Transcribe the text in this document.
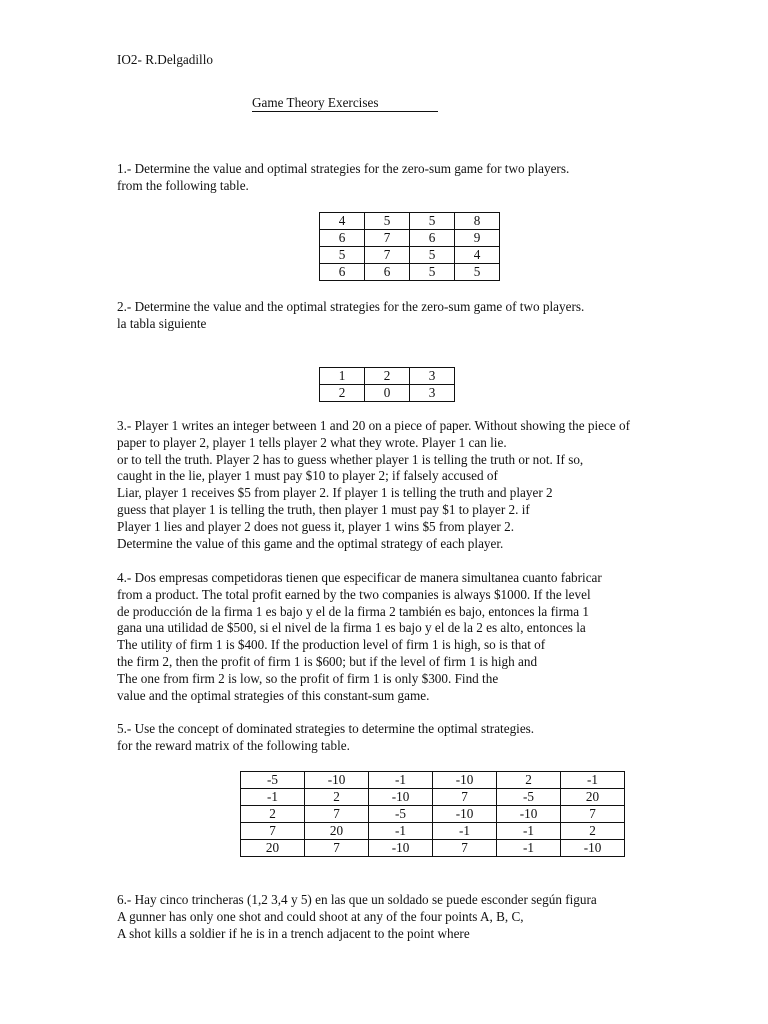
IO2- R.Delgadillo
Game Theory Exercises
1.- Determine the value and optimal strategies for the zero-sum game for two players.
from the following table.
4	5	5	8
6	7	6	9
5	7	5	4
6	6	5	5
2.- Determine the value and the optimal strategies for the zero-sum game of two players.
la tabla siguiente
1	2	3
2	0	3
3.- Player 1 writes an integer between 1 and 20 on a piece of paper. Without showing the piece of
paper to player 2, player 1 tells player 2 what they wrote. Player 1 can lie.
or to tell the truth. Player 2 has to guess whether player 1 is telling the truth or not. If so,
caught in the lie, player 1 must pay $10 to player 2; if falsely accused of
Liar, player 1 receives $5 from player 2. If player 1 is telling the truth and player 2
guess that player 1 is telling the truth, then player 1 must pay $1 to player 2. if
Player 1 lies and player 2 does not guess it, player 1 wins $5 from player 2.
Determine the value of this game and the optimal strategy of each player.
4.- Dos empresas competidoras tienen que especificar de manera simultanea cuanto fabricar
from a product. The total profit earned by the two companies is always $1000. If the level
de producción de la firma 1 es bajo y el de la firma 2 también es bajo, entonces la firma 1
gana una utilidad de $500, si el nivel de la firma 1 es bajo y el de la 2 es alto, entonces la
The utility of firm 1 is $400. If the production level of firm 1 is high, so is that of
the firm 2, then the profit of firm 1 is $600; but if the level of firm 1 is high and
The one from firm 2 is low, so the profit of firm 1 is only $300. Find the
value and the optimal strategies of this constant-sum game.
5.- Use the concept of dominated strategies to determine the optimal strategies.
for the reward matrix of the following table.
-5	-10	-1	-10	2	-1
-1	2	-10	7	-5	20
2	7	-5	-10	-10	7
7	20	-1	-1	-1	2
20	7	-10	7	-1	-10
6.- Hay cinco trincheras (1,2 3,4 y 5) en las que un soldado se puede esconder según figura
A gunner has only one shot and could shoot at any of the four points A, B, C,
A shot kills a soldier if he is in a trench adjacent to the point where
